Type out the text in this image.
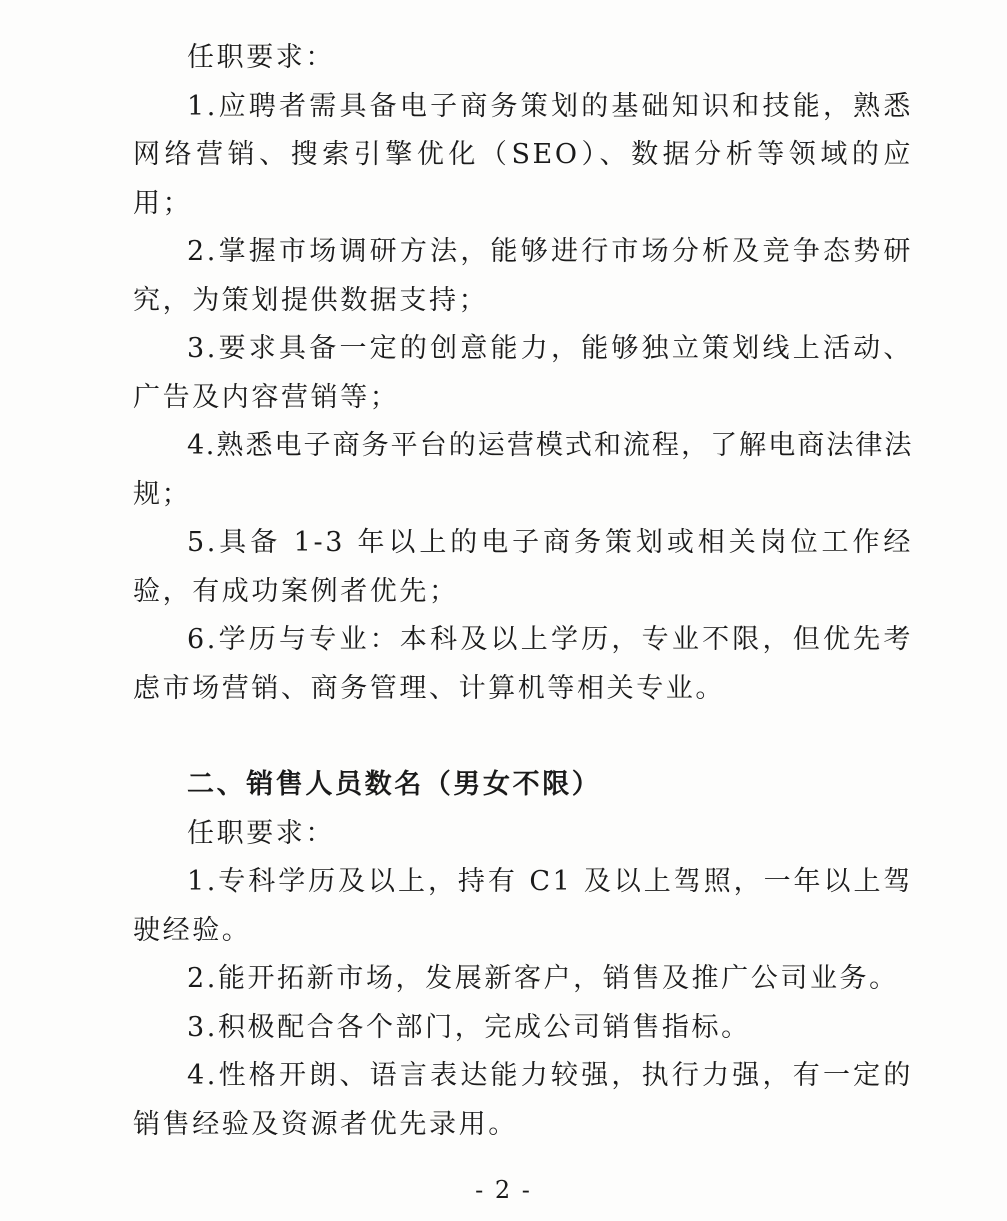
任职要求：

1.应聘者需具备电子商务策划的基础知识和技能，熟悉网络营销、搜索引擎优化（SEO）、数据分析等领域的应用；

2.掌握市场调研方法，能够进行市场分析及竞争态势研究，为策划提供数据支持；

3.要求具备一定的创意能力，能够独立策划线上活动、广告及内容营销等；

4.熟悉电子商务平台的运营模式和流程，了解电商法律法规；

5.具备 1-3 年以上的电子商务策划或相关岗位工作经验，有成功案例者优先；

6.学历与专业：本科及以上学历，专业不限，但优先考虑市场营销、商务管理、计算机等相关专业。

二、销售人员数名（男女不限）

任职要求：

1.专科学历及以上，持有 C1 及以上驾照，一年以上驾驶经验。

2.能开拓新市场，发展新客户，销售及推广公司业务。

3.积极配合各个部门，完成公司销售指标。

4.性格开朗、语言表达能力较强，执行力强，有一定的销售经验及资源者优先录用。

- 2 -
